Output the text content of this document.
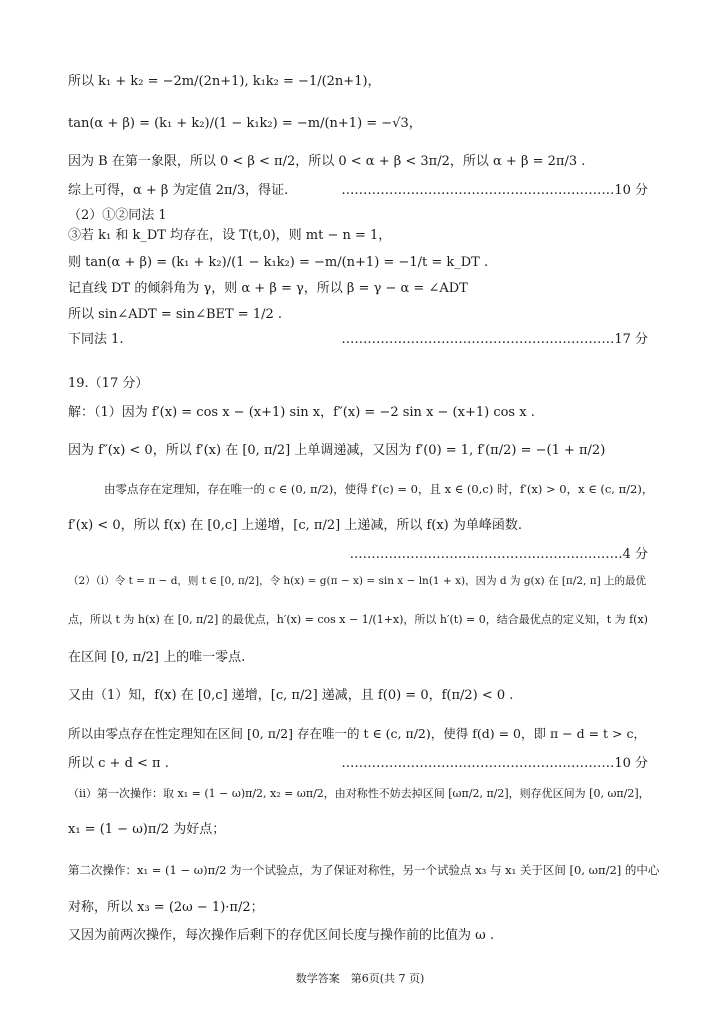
所以 k₁ + k₂ = −2m/(2n+1), k₁k₂ = −1/(2n+1)，
tan(α + β) = (k₁ + k₂)/(1 − k₁k₂) = −m/(n+1) = −√3，
因为 B 在第一象限，所以 0 < β < π/2，所以 0 < α + β < 3π/2，所以 α + β = 2π/3 .
综上可得，α + β 为定值 2π/3，得证.	………………………………………………………10 分
（2）①②同法 1
③若 k₁ 和 k_DT 均存在，设 T(t,0)，则 mt − n = 1，
则 tan(α + β) = (k₁ + k₂)/(1 − k₁k₂) = −m/(n+1) = −1/t = k_DT .
记直线 DT 的倾斜角为 γ，则 α + β = γ，所以 β = γ − α = ∠ADT
所以 sin∠ADT = sin∠BET = 1/2 .
下同法 1.	………………………………………………………17 分
19.（17 分）
解：（1）因为 f′(x) = cos x − (x+1) sin x，f″(x) = −2 sin x − (x+1) cos x .
因为 f″(x) < 0，所以 f′(x) 在 [0, π/2] 上单调递减，又因为 f′(0) = 1, f′(π/2) = −(1 + π/2)
由零点存在定理知，存在唯一的 c ∈ (0, π/2)，使得 f′(c) = 0，且 x ∈ (0,c) 时，f′(x) > 0，x ∈ (c, π/2)，
f′(x) < 0，所以 f(x) 在 [0,c] 上递增，[c, π/2] 上递减，所以 f(x) 为单峰函数.
………………………………………………………4 分
（2）（i）令 t = π − d，则 t ∈ [0, π/2]，令 h(x) = g(π − x) = sin x − ln(1 + x)，因为 d 为 g(x) 在 [π/2, π] 上的最优
点，所以 t 为 h(x) 在 [0, π/2] 的最优点，h′(x) = cos x − 1/(1+x)，所以 h′(t) = 0，结合最优点的定义知，t 为 f(x)
在区间 [0, π/2] 上的唯一零点.
又由（1）知，f(x) 在 [0,c] 递增，[c, π/2] 递减，且 f(0) = 0，f(π/2) < 0 .
所以由零点存在性定理知在区间 [0, π/2] 存在唯一的 t ∈ (c, π/2)，使得 f(d) = 0，即 π − d = t > c，
所以 c + d < π .	………………………………………………………10 分
（ii）第一次操作：取 x₁ = (1 − ω)π/2, x₂ = ωπ/2，由对称性不妨去掉区间 [ωπ/2, π/2]，则存优区间为 [0, ωπ/2]，
x₁ = (1 − ω)π/2 为好点；
第二次操作：x₁ = (1 − ω)π/2 为一个试验点，为了保证对称性，另一个试验点 x₃ 与 x₁ 关于区间 [0, ωπ/2] 的中心
对称，所以 x₃ = (2ω − 1)·π/2；
又因为前两次操作，每次操作后剩下的存优区间长度与操作前的比值为 ω .
数学答案　第6页(共 7 页)
